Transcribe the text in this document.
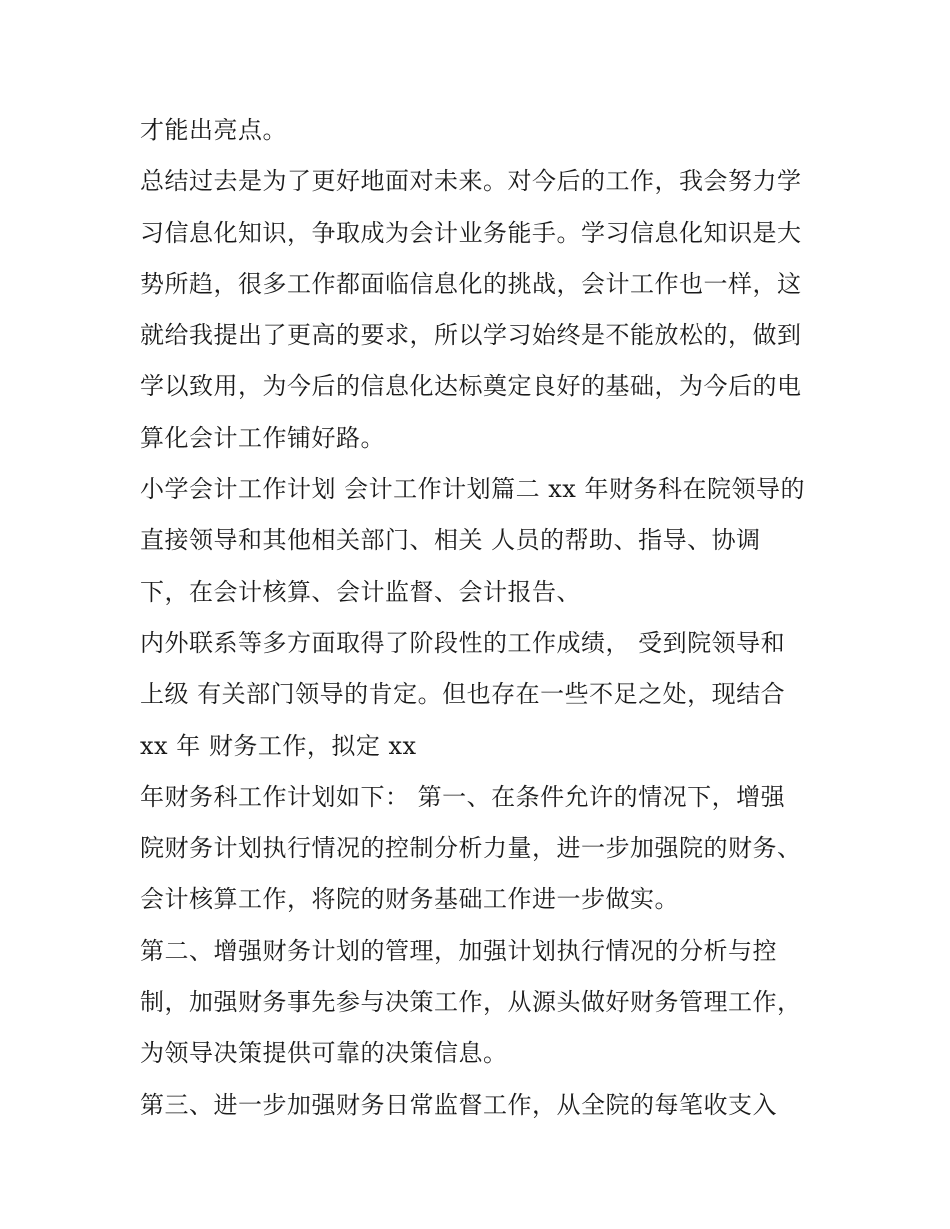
才能出亮点。
总结过去是为了更好地面对未来。对今后的工作，我会努力学
习信息化知识，争取成为会计业务能手。学习信息化知识是大
势所趋，很多工作都面临信息化的挑战，会计工作也一样，这
就给我提出了更高的要求，所以学习始终是不能放松的，做到
学以致用，为今后的信息化达标奠定良好的基础，为今后的电
算化会计工作铺好路。
小学会计工作计划 会计工作计划篇二 xx 年财务科在院领导的
直接领导和其他相关部门、相关 人员的帮助、指导、协调
下，在会计核算、会计监督、会计报告、
内外联系等多方面取得了阶段性的工作成绩， 受到院领导和
上级 有关部门领导的肯定。但也存在一些不足之处，现结合
xx 年 财务工作，拟定 xx
年财务科工作计划如下： 第一、在条件允许的情况下，增强
院财务计划执行情况的控制分析力量，进一步加强院的财务、
会计核算工作，将院的财务基础工作进一步做实。
第二、增强财务计划的管理，加强计划执行情况的分析与控
制，加强财务事先参与决策工作，从源头做好财务管理工作，
为领导决策提供可靠的决策信息。
第三、进一步加强财务日常监督工作，从全院的每笔收支入
